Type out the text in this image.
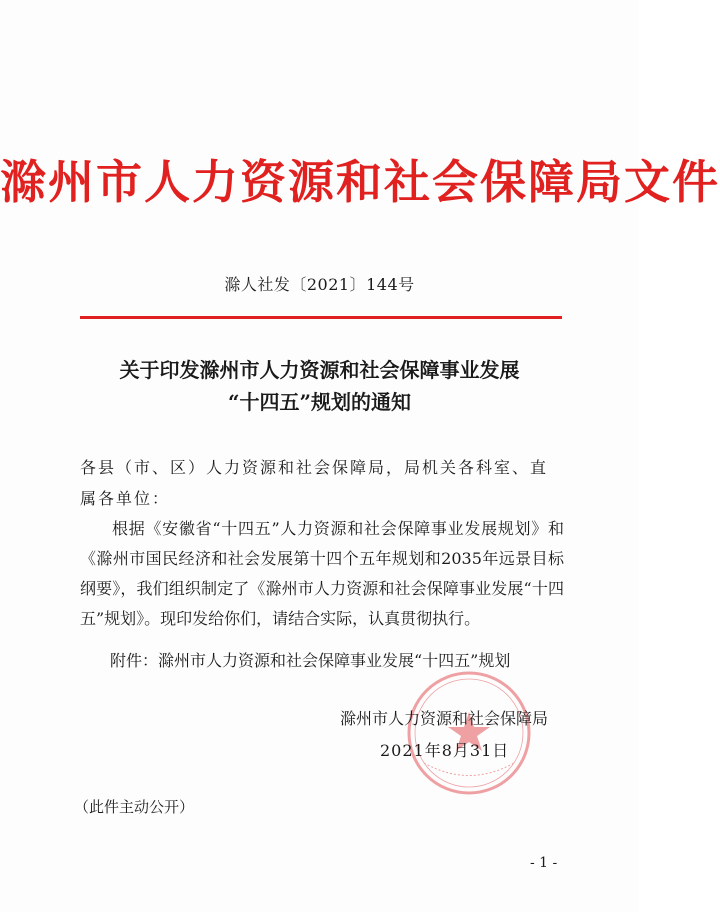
滁州市人力资源和社会保障局文件
滁人社发〔2021〕144号
关于印发滁州市人力资源和社会保障事业发展
“十四五”规划的通知
各县（市、区）人力资源和社会保障局，局机关各科室、直属各单位：
根据《安徽省“十四五”人力资源和社会保障事业发展规划》和《滁州市国民经济和社会发展第十四个五年规划和2035年远景目标纲要》，我们组织制定了《滁州市人力资源和社会保障事业发展“十四五”规划》。现印发给你们，请结合实际，认真贯彻执行。
附件：滁州市人力资源和社会保障事业发展“十四五”规划
滁州市人力资源和社会保障局
2021年8月31日
（此件主动公开）
- 1 -
